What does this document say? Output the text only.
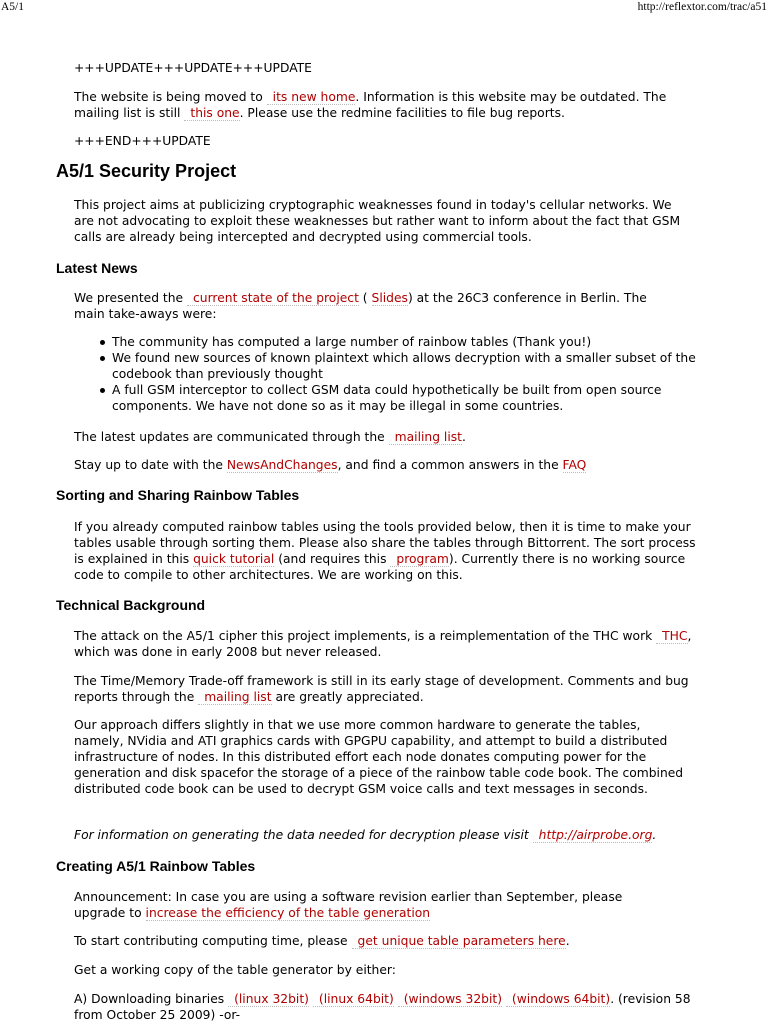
A5/1	http://reflextor.com/trac/a51

+++UPDATE+++UPDATE+++UPDATE

The website is being moved to its new home. Information is this website may be outdated. The mailing list is still this one. Please use the redmine facilities to file bug reports.

+++END+++UPDATE

A5/1 Security Project

This project aims at publicizing cryptographic weaknesses found in today's cellular networks. We are not advocating to exploit these weaknesses but rather want to inform about the fact that GSM calls are already being intercepted and decrypted using commercial tools.

Latest News

We presented the current state of the project ( Slides) at the 26C3 conference in Berlin. The main take-aways were:

The community has computed a large number of rainbow tables (Thank you!)
We found new sources of known plaintext which allows decryption with a smaller subset of the codebook than previously thought
A full GSM interceptor to collect GSM data could hypothetically be built from open source components. We have not done so as it may be illegal in some countries.

The latest updates are communicated through the mailing list.

Stay up to date with the NewsAndChanges, and find a common answers in the FAQ

Sorting and Sharing Rainbow Tables

If you already computed rainbow tables using the tools provided below, then it is time to make your tables usable through sorting them. Please also share the tables through Bittorrent. The sort process is explained in this quick tutorial (and requires this program). Currently there is no working source code to compile to other architectures. We are working on this.

Technical Background

The attack on the A5/1 cipher this project implements, is a reimplementation of the THC work THC, which was done in early 2008 but never released.

The Time/Memory Trade-off framework is still in its early stage of development. Comments and bug reports through the mailing list are greatly appreciated.

Our approach differs slightly in that we use more common hardware to generate the tables, namely, NVidia and ATI graphics cards with GPGPU capability, and attempt to build a distributed infrastructure of nodes. In this distributed effort each node donates computing power for the generation and disk spacefor the storage of a piece of the rainbow table code book. The combined distributed code book can be used to decrypt GSM voice calls and text messages in seconds.

For information on generating the data needed for decryption please visit http://airprobe.org.

Creating A5/1 Rainbow Tables

Announcement: In case you are using a software revision earlier than September, please upgrade to increase the efficiency of the table generation

To start contributing computing time, please get unique table parameters here.

Get a working copy of the table generator by either:

A) Downloading binaries (linux 32bit) (linux 64bit) (windows 32bit) (windows 64bit). (revision 58 from October 25 2009) -or-
